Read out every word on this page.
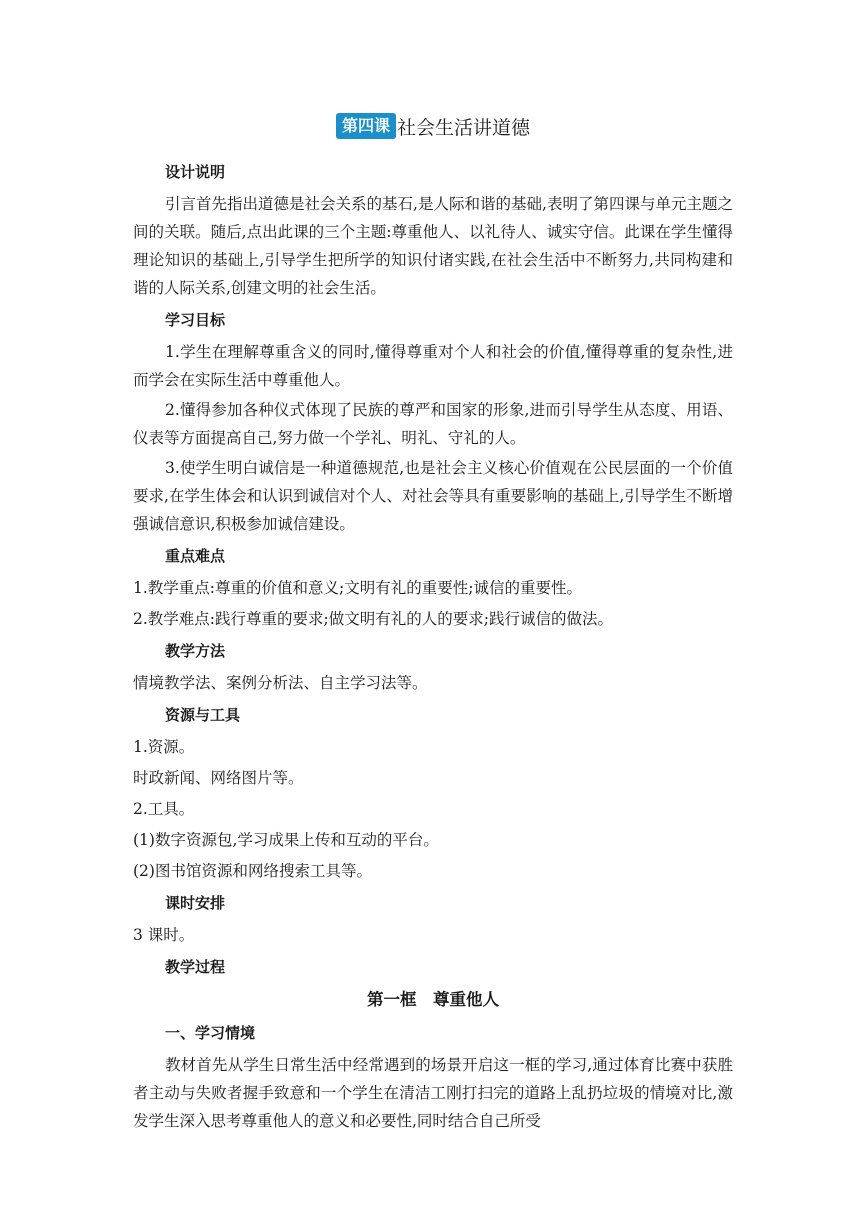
第四课 社会生活讲道德
设计说明
引言首先指出道德是社会关系的基石,是人际和谐的基础,表明了第四课与单元主题之间的关联。随后,点出此课的三个主题:尊重他人、以礼待人、诚实守信。此课在学生懂得理论知识的基础上,引导学生把所学的知识付诸实践,在社会生活中不断努力,共同构建和谐的人际关系,创建文明的社会生活。
学习目标
1.学生在理解尊重含义的同时,懂得尊重对个人和社会的价值,懂得尊重的复杂性,进而学会在实际生活中尊重他人。
2.懂得参加各种仪式体现了民族的尊严和国家的形象,进而引导学生从态度、用语、仪表等方面提高自己,努力做一个学礼、明礼、守礼的人。
3.使学生明白诚信是一种道德规范,也是社会主义核心价值观在公民层面的一个价值要求,在学生体会和认识到诚信对个人、对社会等具有重要影响的基础上,引导学生不断增强诚信意识,积极参加诚信建设。
重点难点
1.教学重点:尊重的价值和意义;文明有礼的重要性;诚信的重要性。
2.教学难点:践行尊重的要求;做文明有礼的人的要求;践行诚信的做法。
教学方法
情境教学法、案例分析法、自主学习法等。
资源与工具
1.资源。
时政新闻、网络图片等。
2.工具。
(1)数字资源包,学习成果上传和互动的平台。
(2)图书馆资源和网络搜索工具等。
课时安排
3 课时。
教学过程
第一框　尊重他人
一、学习情境
教材首先从学生日常生活中经常遇到的场景开启这一框的学习,通过体育比赛中获胜者主动与失败者握手致意和一个学生在清洁工刚打扫完的道路上乱扔垃圾的情境对比,激发学生深入思考尊重他人的意义和必要性,同时结合自己所受
